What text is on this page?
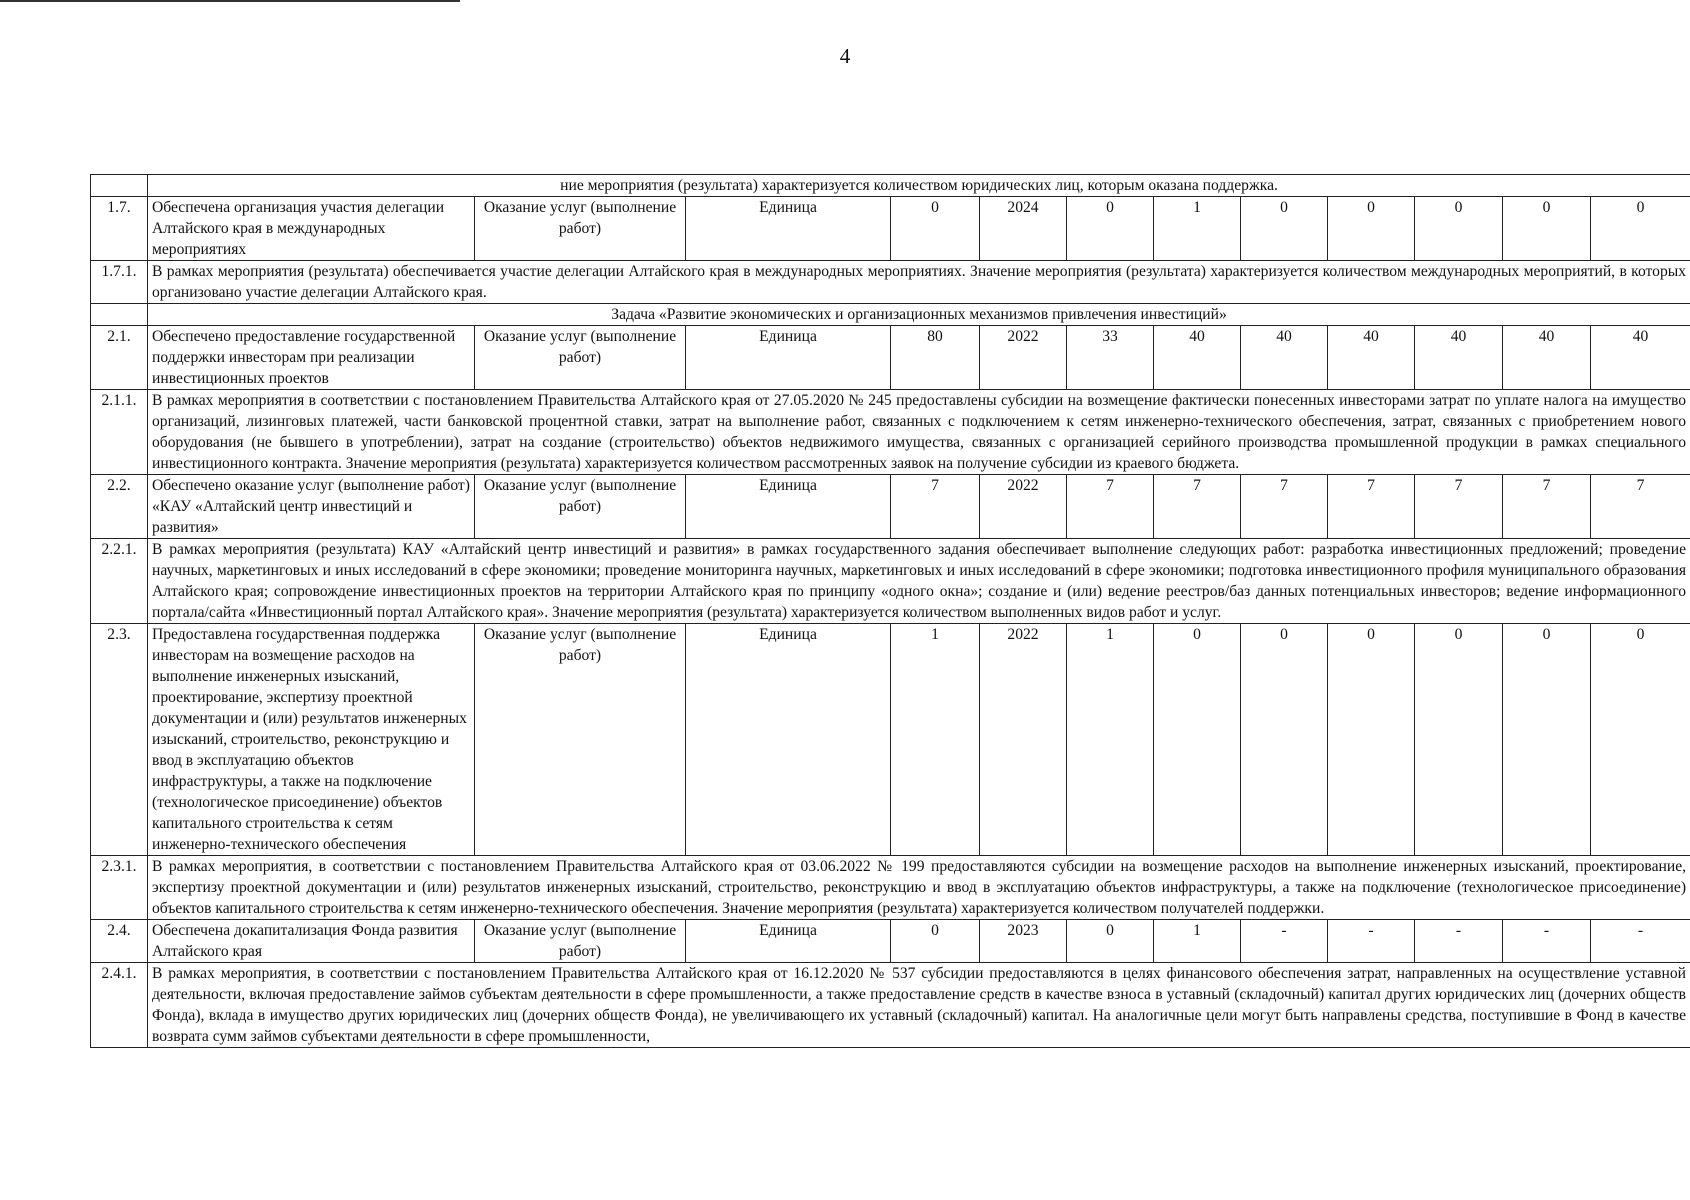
4
	ние мероприятия (результата) характеризуется количеством юридических лиц, которым оказана поддержка.											
1.7.	Обеспечена организация участия делегации Алтайского края в международных мероприятиях	Оказание услуг (выполнение работ)	Единица	0	2024	0	1	0	0	0	0	0
1.7.1.	В рамках мероприятия (результата) обеспечивается участие делегации Алтайского края в международных мероприятиях. Значение мероприятия (результата) характеризуется количеством международных мероприятий, в которых организовано участие делегации Алтайского края.											
	Задача «Развитие экономических и организационных механизмов привлечения инвестиций»											
2.1.	Обеспечено предоставление государственной поддержки инвесторам при реализации инвестиционных проектов	Оказание услуг (выполнение работ)	Единица	80	2022	33	40	40	40	40	40	40
2.1.1.	В рамках мероприятия в соответствии с постановлением Правительства Алтайского края от 27.05.2020 № 245 предоставлены субсидии на возмещение фактически понесенных инвесторами затрат по уплате налога на имущество организаций, лизинговых платежей, части банковской процентной ставки, затрат на выполнение работ, связанных с подключением к сетям инженерно-технического обеспечения, затрат, связанных с приобретением нового оборудования (не бывшего в употреблении), затрат на создание (строительство) объектов недвижимого имущества, связанных с организацией серийного производства промышленной продукции в рамках специального инвестиционного контракта. Значение мероприятия (результата) характеризуется количеством рассмотренных заявок на получение субсидии из краевого бюджета.											
2.2.	Обеспечено оказание услуг (выполнение работ) «КАУ «Алтайский центр инвестиций и развития»	Оказание услуг (выполнение работ)	Единица	7	2022	7	7	7	7	7	7	7
2.2.1.	В рамках мероприятия (результата) КАУ «Алтайский центр инвестиций и развития» в рамках государственного задания обеспечивает выполнение следующих работ: разработка инвестиционных предложений; проведение научных, маркетинговых и иных исследований в сфере экономики; проведение мониторинга научных, маркетинговых и иных исследований в сфере экономики; подготовка инвестиционного профиля муниципального образования Алтайского края; сопровождение инвестиционных проектов на территории Алтайского края по принципу «одного окна»; создание и (или) ведение реестров/баз данных потенциальных инвесторов; ведение информационного портала/сайта «Инвестиционный портал Алтайского края». Значение мероприятия (результата) характеризуется количеством выполненных видов работ и услуг.											
2.3.	Предоставлена государственная поддержка инвесторам на возмещение расходов на выполнение инженерных изысканий, проектирование, экспертизу проектной документации и (или) результатов инженерных изысканий, строительство, реконструкцию и ввод в эксплуатацию объектов инфраструктуры, а также на подключение (технологическое присоединение) объектов капитального строительства к сетям инженерно-технического обеспечения	Оказание услуг (выполнение работ)	Единица	1	2022	1	0	0	0	0	0	0
2.3.1.	В рамках мероприятия, в соответствии с постановлением Правительства Алтайского края от 03.06.2022 № 199 предоставляются субсидии на возмещение расходов на выполнение инженерных изысканий, проектирование, экспертизу проектной документации и (или) результатов инженерных изысканий, строительство, реконструкцию и ввод в эксплуатацию объектов инфраструктуры, а также на подключение (технологическое присоединение) объектов капитального строительства к сетям инженерно-технического обеспечения. Значение мероприятия (результата) характеризуется количеством получателей поддержки.											
2.4.	Обеспечена докапитализация Фонда развития Алтайского края	Оказание услуг (выполнение работ)	Единица	0	2023	0	1	-	-	-	-	-
2.4.1.	В рамках мероприятия, в соответствии с постановлением Правительства Алтайского края от 16.12.2020 № 537 субсидии предоставляются в целях финансового обеспечения затрат, направленных на осуществление уставной деятельности, включая предоставление займов субъектам деятельности в сфере промышленности, а также предоставление средств в качестве взноса в уставный (складочный) капитал других юридических лиц (дочерних обществ Фонда), вклада в имущество других юридических лиц (дочерних обществ Фонда), не увеличивающего их уставный (складочный) капитал. На аналогичные цели могут быть направлены средства, поступившие в Фонд в качестве возврата сумм займов субъектами деятельности в сфере промышленности,											
